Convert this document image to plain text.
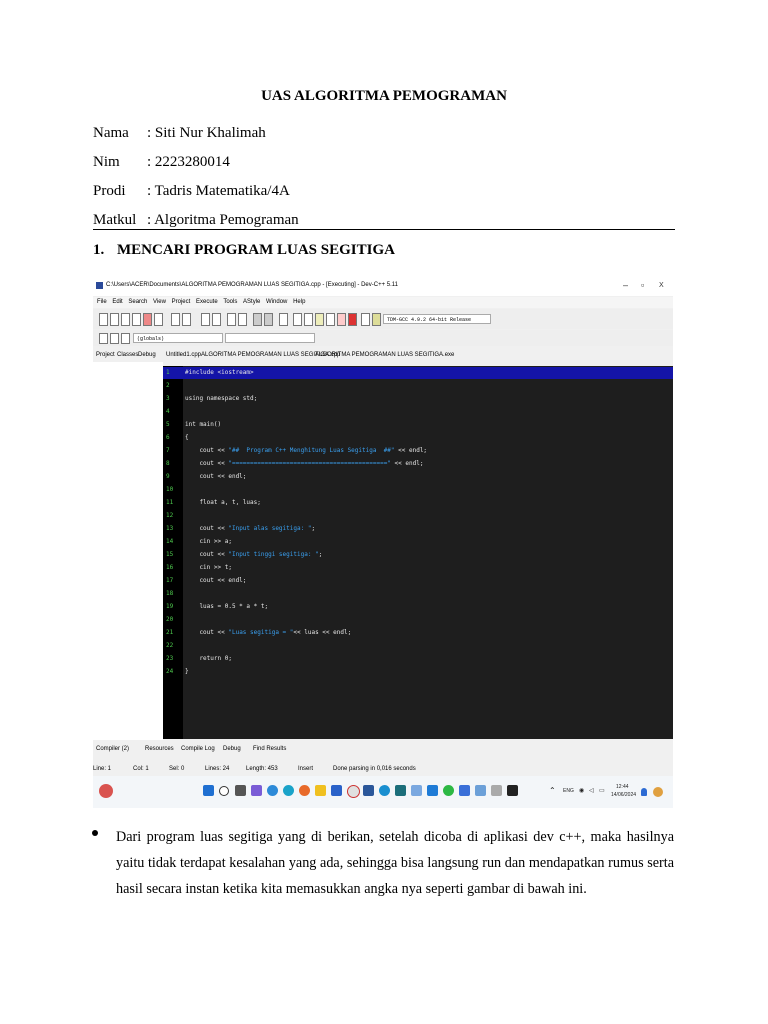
UAS ALGORITMA PEMOGRAMAN
Nama : Siti Nur Khalimah
Nim : 2223280014
Prodi : Tadris Matematika/4A
Matkul : Algoritma Pemograman
1. MENCARI PROGRAM LUAS SEGITIGA
C:\Users\ACER\Documents\ALGORITMA PEMOGRAMAN LUAS SEGITIGA.cpp - [Executing] - Dev-C++ 5.11	– ▫ X
File Edit Search View Project Execute Tools AStyle Window Help
TDM-GCC 4.9.2 64-bit Release
(globals)
Project Classes Debug Untitled1.cpp ALGORITMA PEMOGRAMAN LUAS SEGITIGA.cpp
ALGORITMA PEMOGRAMAN LUAS SEGITIGA.exe
Compiler (2)	Resources Compile Log Debug Find Results
Line: 1	Col: 1	Sel: 0	Lines: 24	Length: 453	Insert	Done parsing in 0,016 seconds
⌃ ENG ◉ ◁ ▭
12:44
14/06/2024
1	#include <iostream>
2
3	using namespace std;
4
5	int main()
6	{
7	cout << "##  Program C++ Menghitung Luas Segitiga  ##" << endl;
8	cout << "===========================================" << endl;
9	cout << endl;
10
11 float a, t, luas;
12
13 cout << "Input alas segitiga: ";
14 cin >> a;
15 cout << "Input tinggi segitiga: ";
16 cin >> t;
17 cout << endl;
18
19 luas = 0.5 * a * t;
20
21 cout << "Luas segitiga = "<< luas << endl;
22
23 return 0;
24 }
Dari program luas segitiga yang di berikan, setelah dicoba di aplikasi dev c++, maka hasilnya yaitu tidak terdapat kesalahan yang ada, sehingga bisa langsung run dan mendapatkan rumus serta hasil secara instan ketika kita memasukkan angka nya seperti gambar di bawah ini.
